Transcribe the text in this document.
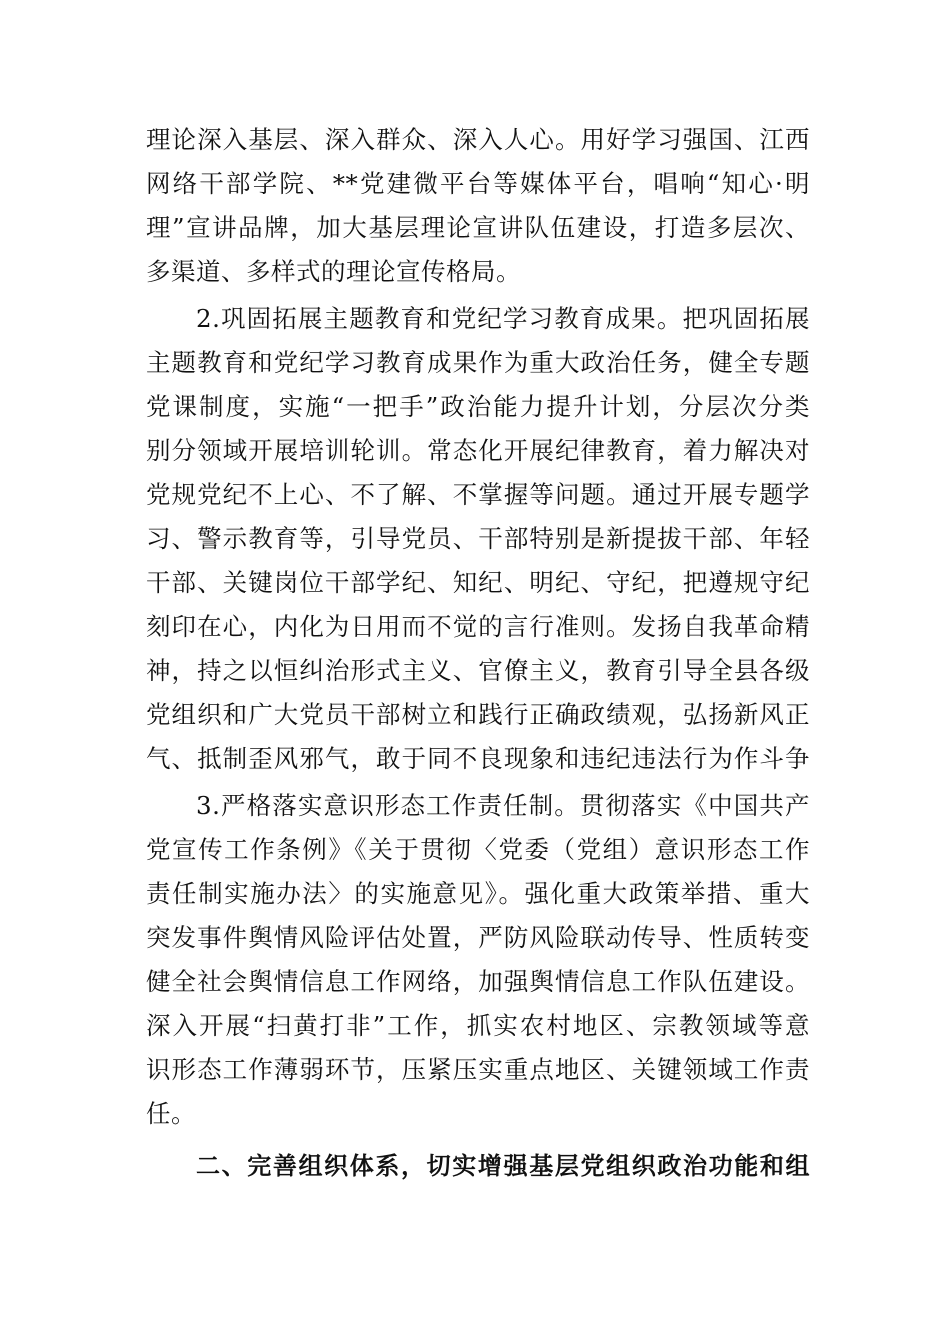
理论深入基层、深入群众、深入人心。用好学习强国、江西
网络干部学院、**党建微平台等媒体平台，唱响“知心·明
理”宣讲品牌，加大基层理论宣讲队伍建设，打造多层次、
多渠道、多样式的理论宣传格局。
2.巩固拓展主题教育和党纪学习教育成果。把巩固拓展
主题教育和党纪学习教育成果作为重大政治任务，健全专题
党课制度，实施“一把手”政治能力提升计划，分层次分类
别分领域开展培训轮训。常态化开展纪律教育，着力解决对
党规党纪不上心、不了解、不掌握等问题。通过开展专题学
习、警示教育等，引导党员、干部特别是新提拔干部、年轻
干部、关键岗位干部学纪、知纪、明纪、守纪，把遵规守纪
刻印在心，内化为日用而不觉的言行准则。发扬自我革命精
神，持之以恒纠治形式主义、官僚主义，教育引导全县各级
党组织和广大党员干部树立和践行正确政绩观，弘扬新风正
气、抵制歪风邪气，敢于同不良现象和违纪违法行为作斗争
3.严格落实意识形态工作责任制。贯彻落实《中国共产
党宣传工作条例》《关于贯彻〈党委（党组）意识形态工作
责任制实施办法〉的实施意见》。强化重大政策举措、重大
突发事件舆情风险评估处置，严防风险联动传导、性质转变
健全社会舆情信息工作网络，加强舆情信息工作队伍建设。
深入开展“扫黄打非”工作，抓实农村地区、宗教领域等意
识形态工作薄弱环节，压紧压实重点地区、关键领域工作责
任。
二、完善组织体系，切实增强基层党组织政治功能和组
